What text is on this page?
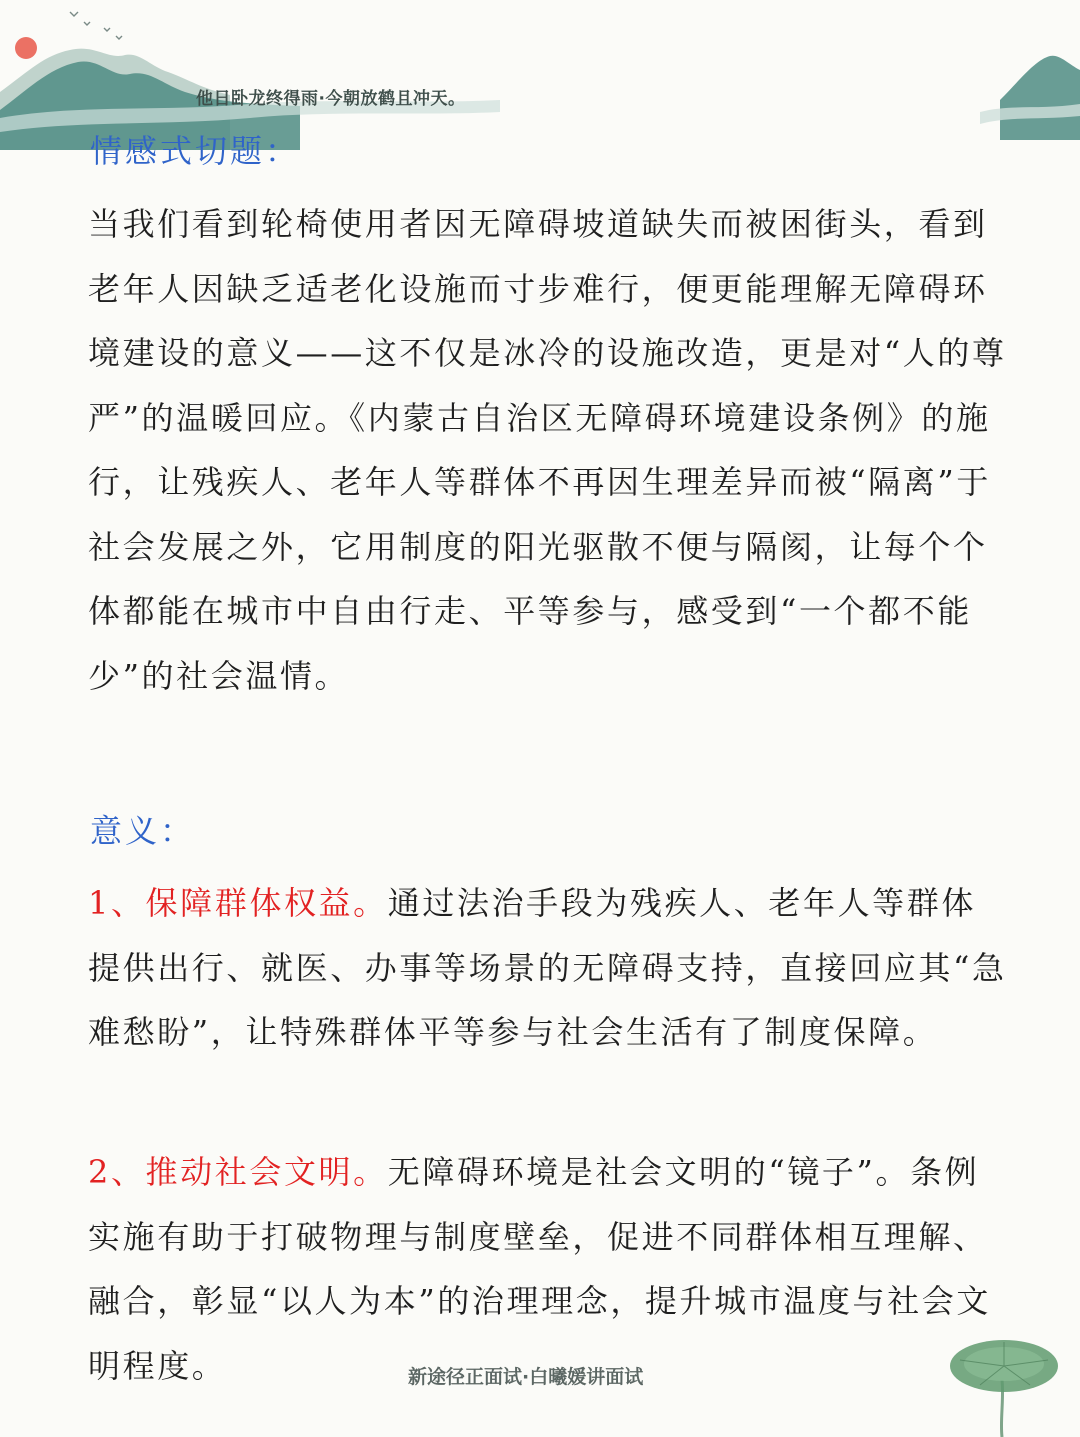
他日卧龙终得雨·今朝放鹤且冲天。
情感式切题：

当我们看到轮椅使用者因无障碍坡道缺失而被困街头，看到老年人因缺乏适老化设施而寸步难行，便更能理解无障碍环境建设的意义——这不仅是冰冷的设施改造，更是对“人的尊严”的温暖回应。《内蒙古自治区无障碍环境建设条例》的施行，让残疾人、老年人等群体不再因生理差异而被“隔离”于社会发展之外，它用制度的阳光驱散不便与隔阂，让每个个体都能在城市中自由行走、平等参与，感受到“一个都不能少”的社会温情。

意义：

1、保障群体权益。通过法治手段为残疾人、老年人等群体提供出行、就医、办事等场景的无障碍支持，直接回应其“急难愁盼”，让特殊群体平等参与社会生活有了制度保障。

2、推动社会文明。无障碍环境是社会文明的“镜子”。条例实施有助于打破物理与制度壁垒，促进不同群体相互理解、融合，彰显“以人为本”的治理理念，提升城市温度与社会文明程度。	新途径正面试·白曦媛讲面试
